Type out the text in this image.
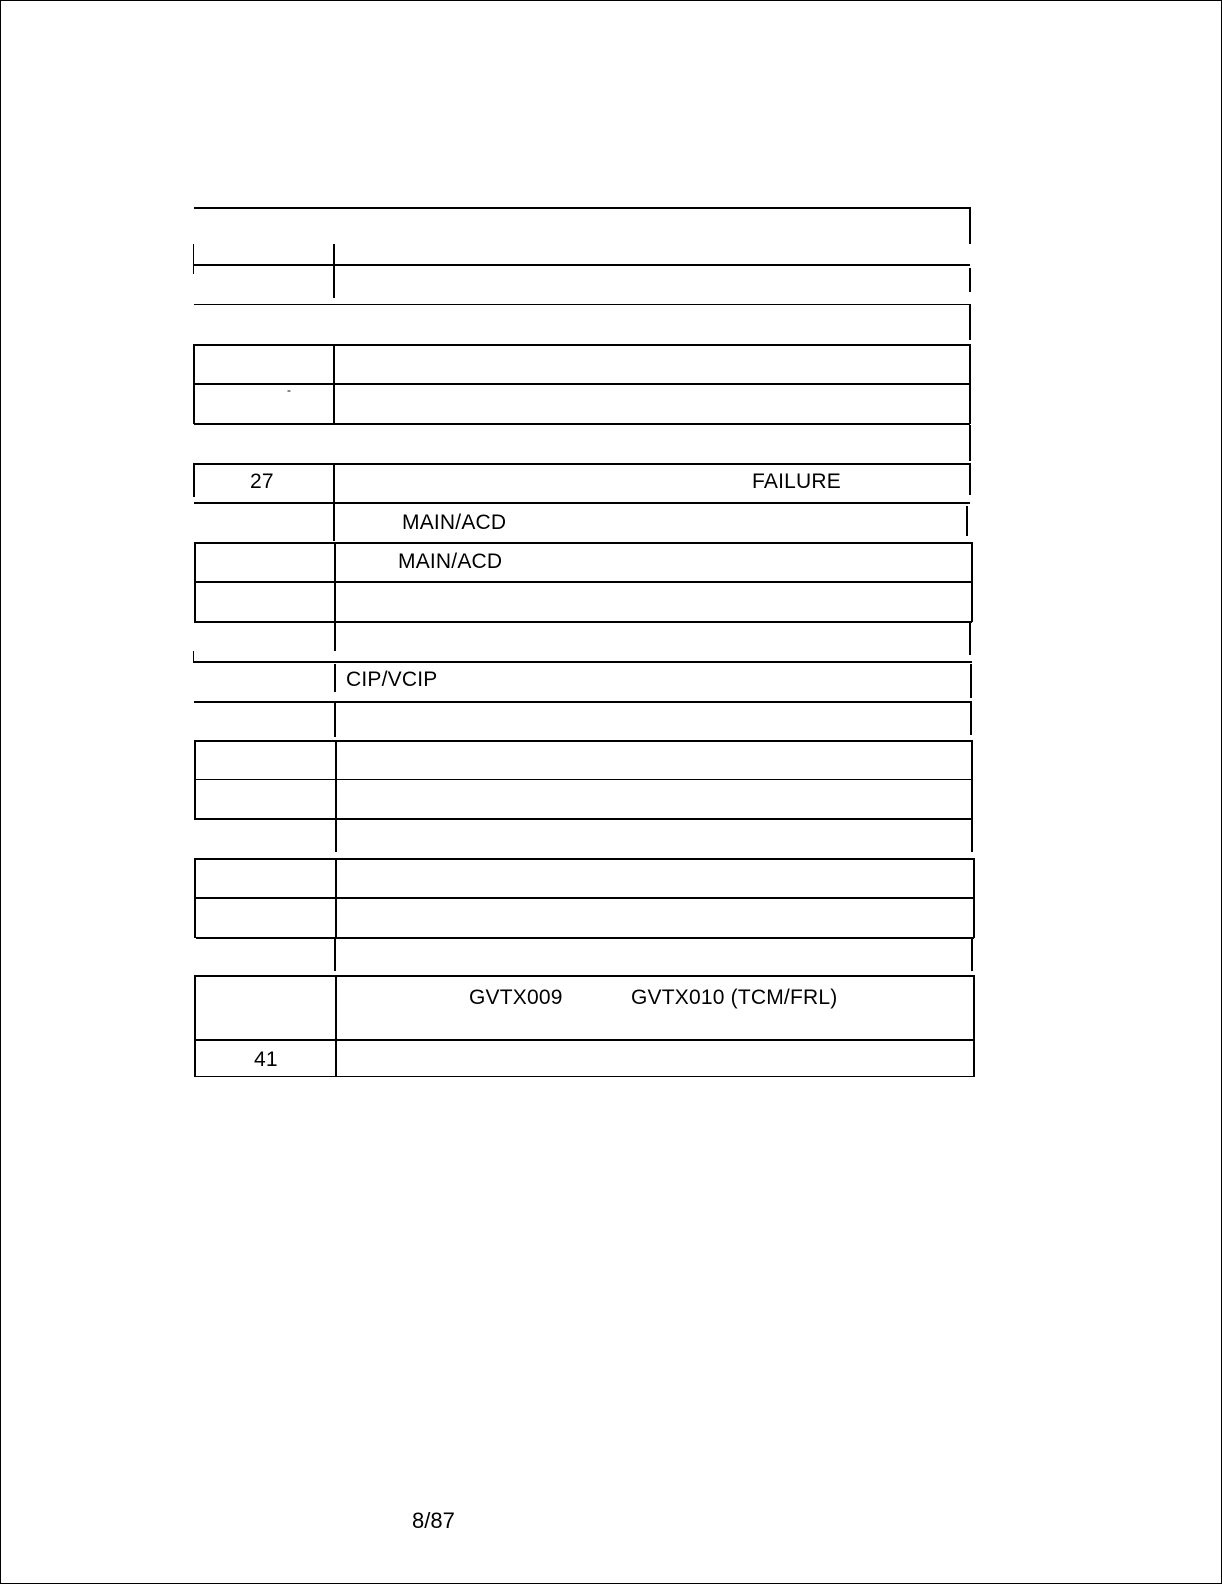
27	FAILURE
-
MAIN/ACD
MAIN/ACD
CIP/VCIP
GVTX009	GVTX010 (TCM/FRL)
41
8/87
